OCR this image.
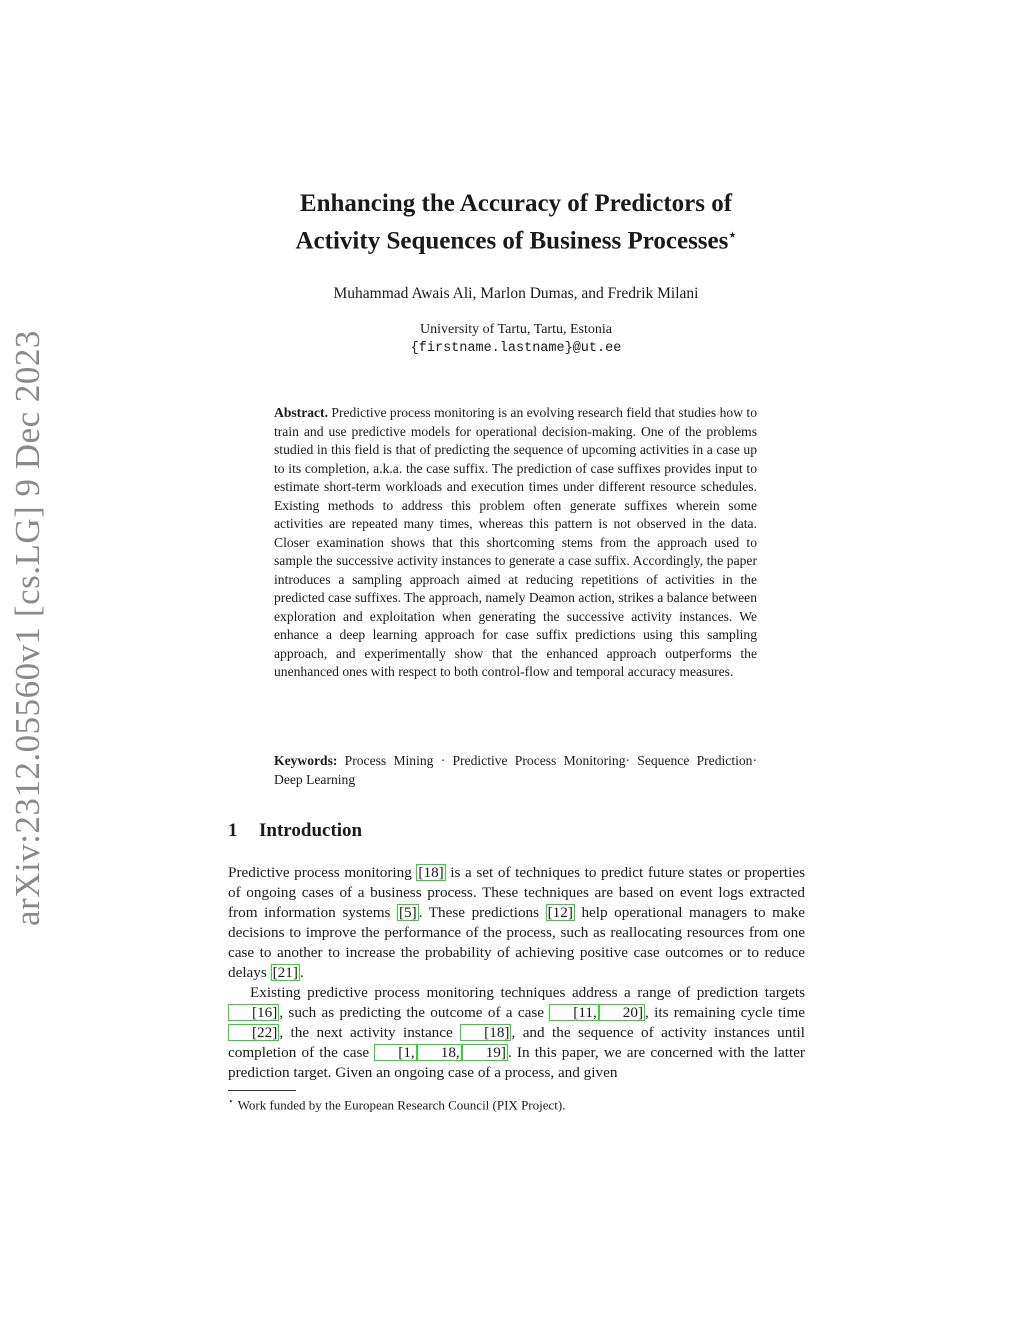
arXiv:2312.05560v1 [cs.LG] 9 Dec 2023
Enhancing the Accuracy of Predictors of
Activity Sequences of Business Processes⋆
Muhammad Awais Ali, Marlon Dumas, and Fredrik Milani
University of Tartu, Tartu, Estonia
{firstname.lastname}@ut.ee
Abstract. Predictive process monitoring is an evolving research field that studies how to train and use predictive models for operational decision-making. One of the problems studied in this field is that of predicting the sequence of upcoming activities in a case up to its completion, a.k.a. the case suffix. The prediction of case suffixes provides input to estimate short-term workloads and execution times under different resource schedules. Existing methods to address this problem often generate suffixes wherein some activities are repeated many times, whereas this pattern is not observed in the data. Closer examination shows that this shortcoming stems from the approach used to sample the successive activity instances to generate a case suffix. Accordingly, the paper introduces a sampling approach aimed at reducing repetitions of activities in the predicted case suffixes. The approach, namely Deamon action, strikes a balance between exploration and exploitation when generating the successive activity instances. We enhance a deep learning approach for case suffix predictions using this sampling approach, and experimentally show that the enhanced approach outperforms the unenhanced ones with respect to both control-flow and temporal accuracy measures.
Keywords: Process Mining · Predictive Process Monitoring· Sequence Prediction· Deep Learning
1 Introduction
Predictive process monitoring [18] is a set of techniques to predict future states or properties of ongoing cases of a business process. These techniques are based on event logs extracted from information systems [5] . These predictions [12] help operational managers to make decisions to improve the performance of the process, such as reallocating resources from one case to another to increase the probability of achieving positive case outcomes or to reduce delays [21] .
Existing predictive process monitoring techniques address a range of prediction targets [16] , such as predicting the outcome of a case [11, 20] , its remaining cycle time [22] , the next activity instance [18] , and the sequence of activity instances until completion of the case [1, 18, 19] . In this paper, we are concerned with the latter prediction target. Given an ongoing case of a process, and given
⋆ Work funded by the European Research Council (PIX Project).
